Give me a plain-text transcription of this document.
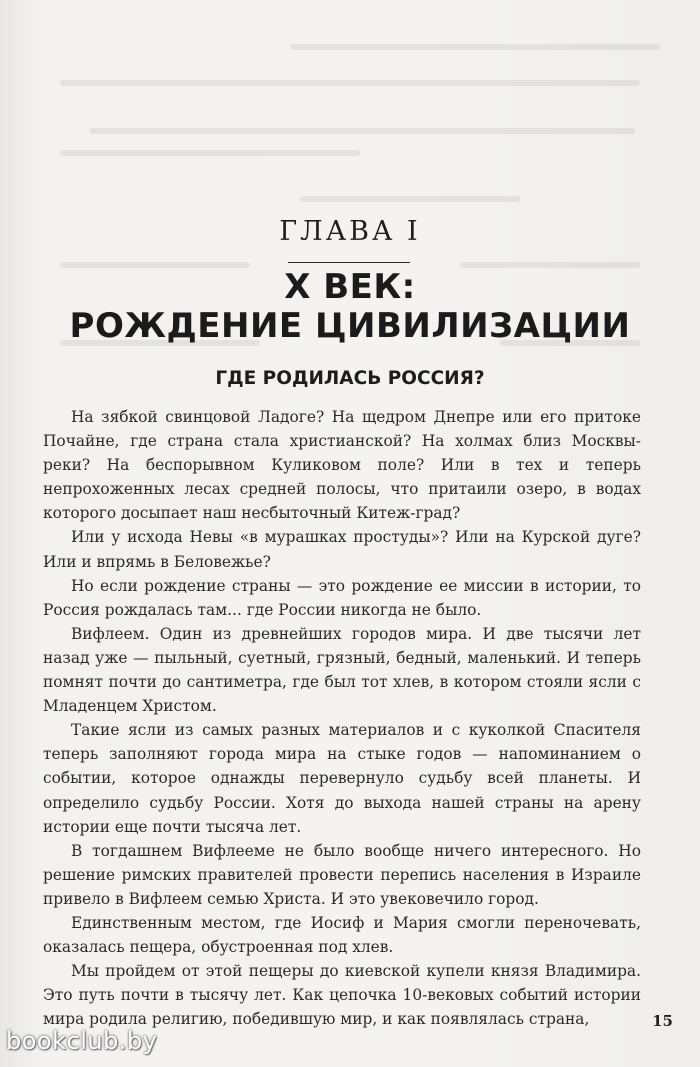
ГЛАВА I
X ВЕК:
РОЖДЕНИЕ ЦИВИЛИЗАЦИИ
ГДЕ РОДИЛАСЬ РОССИЯ?

На зябкой свинцовой Ладоге? На щедром Днепре или его притоке Почайне, где страна стала христианской? На холмах близ Москвы-реки? На беспорывном Куликовом поле? Или в тех и теперь непрохоженных лесах средней полосы, что притаили озеро, в водах которого досыпает наш несбыточный Китеж-град?

Или у исхода Невы «в мурашках простуды»? Или на Курской дуге? Или и впрямь в Беловежье?

Но если рождение страны — это рождение ее миссии в истории, то Россия рождалась там... где России никогда не было.

Вифлеем. Один из древнейших городов мира. И две тысячи лет назад уже — пыльный, суетный, грязный, бедный, маленький. И теперь помнят почти до сантиметра, где был тот хлев, в котором стояли ясли с Младенцем Христом.

Такие ясли из самых разных материалов и с куколкой Спасителя теперь заполняют города мира на стыке годов — напоминанием о событии, которое однажды перевернуло судьбу всей планеты. И определило судьбу России. Хотя до выхода нашей страны на арену истории еще почти тысяча лет.

В тогдашнем Вифлееме не было вообще ничего интересного. Но решение римских правителей провести перепись населения в Израиле привело в Вифлеем семью Христа. И это увековечило город.

Единственным местом, где Иосиф и Мария смогли переночевать, оказалась пещера, обустроенная под хлев.

Мы пройдем от этой пещеры до киевской купели князя Владимира. Это путь почти в тысячу лет. Как цепочка 10-вековых событий истории мира родила религию, победившую мир, и как появлялась страна,	15
bookclub.by
